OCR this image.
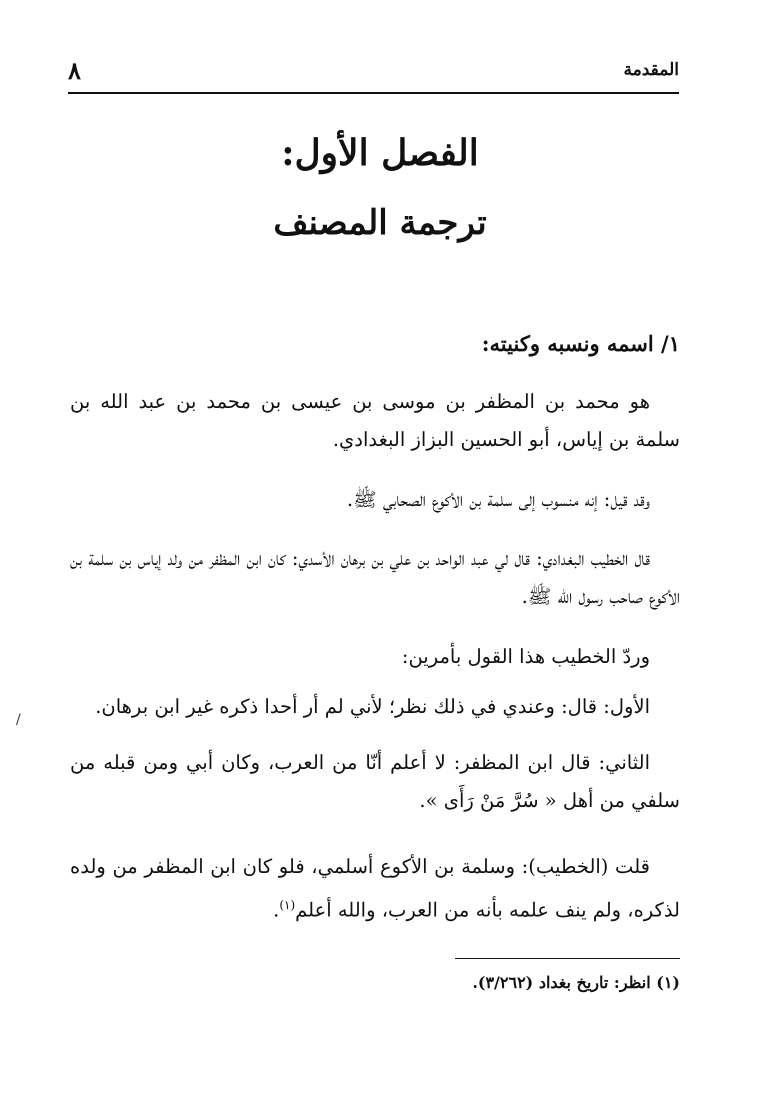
المقدمة
٨
الفصل الأول:
ترجمة المصنف
١/ اسمه ونسبه وكنيته:

هو محمد بن المظفر بن موسى بن عيسى بن محمد بن عبد الله بن سلمة بن إياس، أبو الحسين البزاز البغدادي.

وقد قيل: إنه منسوب إلى سلمة بن الأكوع الصحابي ﷺ.

قال الخطيب البغدادي: قال لي عبد الواحد بن علي بن برهان الأسدي: كان ابن المظفر من ولد إياس بن سلمة بن الأكوع صاحب رسول الله ﷺ.

وردّ الخطيب هذا القول بأمرين:

الأول: قال: وعندي في ذلك نظر؛ لأني لم أر أحدا ذكره غير ابن برهان.

الثاني: قال ابن المظفر: لا أعلم أنّا من العرب، وكان أبي ومن قبله من سلفي من أهل « سُرَّ مَنْ رَأَى ».

قلت (الخطيب): وسلمة بن الأكوع أسلمي، فلو كان ابن المظفر من ولده لذكره، ولم ينف علمه بأنه من العرب، والله أعلم$^{(١)}$.

(١) انظر: تاريخ بغداد (٣/٢٦٢).
/
